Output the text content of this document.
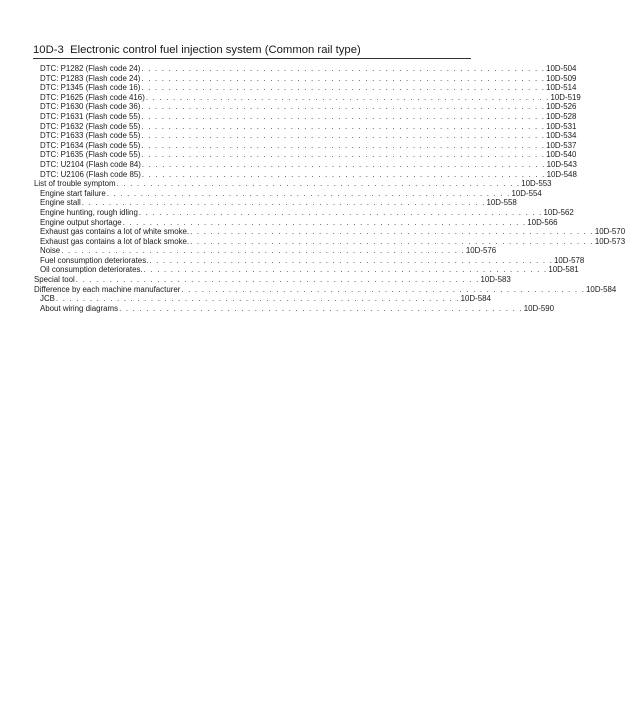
10D-3 Electronic control fuel injection system (Common rail type)
DTC: P1282 (Flash code 24) . . . . . . . . . . . . . . . . . . . . . . . . . . . . . . . . . . . . . . . . . . . . . . . . . . . . . . . . . . . . 10D-504
DTC: P1283 (Flash code 24) . . . . . . . . . . . . . . . . . . . . . . . . . . . . . . . . . . . . . . . . . . . . . . . . . . . . . . . . . . . . 10D-509
DTC: P1345 (Flash code 16) . . . . . . . . . . . . . . . . . . . . . . . . . . . . . . . . . . . . . . . . . . . . . . . . . . . . . . . . . . . . 10D-514
DTC: P1625 (Flash code 416) . . . . . . . . . . . . . . . . . . . . . . . . . . . . . . . . . . . . . . . . . . . . . . . . . . . . . . . . . . . . 10D-519
DTC: P1630 (Flash code 36) . . . . . . . . . . . . . . . . . . . . . . . . . . . . . . . . . . . . . . . . . . . . . . . . . . . . . . . . . . . . 10D-526
DTC: P1631 (Flash code 55) . . . . . . . . . . . . . . . . . . . . . . . . . . . . . . . . . . . . . . . . . . . . . . . . . . . . . . . . . . . . 10D-528
DTC: P1632 (Flash code 55) . . . . . . . . . . . . . . . . . . . . . . . . . . . . . . . . . . . . . . . . . . . . . . . . . . . . . . . . . . . . 10D-531
DTC: P1633 (Flash code 55) . . . . . . . . . . . . . . . . . . . . . . . . . . . . . . . . . . . . . . . . . . . . . . . . . . . . . . . . . . . . 10D-534
DTC: P1634 (Flash code 55) . . . . . . . . . . . . . . . . . . . . . . . . . . . . . . . . . . . . . . . . . . . . . . . . . . . . . . . . . . . . 10D-537
DTC: P1635 (Flash code 55) . . . . . . . . . . . . . . . . . . . . . . . . . . . . . . . . . . . . . . . . . . . . . . . . . . . . . . . . . . . . 10D-540
DTC: U2104 (Flash code 84) . . . . . . . . . . . . . . . . . . . . . . . . . . . . . . . . . . . . . . . . . . . . . . . . . . . . . . . . . . . . 10D-543
DTC: U2106 (Flash code 85) . . . . . . . . . . . . . . . . . . . . . . . . . . . . . . . . . . . . . . . . . . . . . . . . . . . . . . . . . . . . 10D-548
List of trouble symptom . . . . . . . . . . . . . . . . . . . . . . . . . . . . . . . . . . . . . . . . . . . . . . . . . . . . . . . . . . . . 10D-553
Engine start failure . . . . . . . . . . . . . . . . . . . . . . . . . . . . . . . . . . . . . . . . . . . . . . . . . . . . . . . . . . . . 10D-554
Engine stall . . . . . . . . . . . . . . . . . . . . . . . . . . . . . . . . . . . . . . . . . . . . . . . . . . . . . . . . . . . . 10D-558
Engine hunting, rough idling . . . . . . . . . . . . . . . . . . . . . . . . . . . . . . . . . . . . . . . . . . . . . . . . . . . . . . . . . . . . 10D-562
Engine output shortage . . . . . . . . . . . . . . . . . . . . . . . . . . . . . . . . . . . . . . . . . . . . . . . . . . . . . . . . . . . . 10D-566
Exhaust gas contains a lot of white smoke. . . . . . . . . . . . . . . . . . . . . . . . . . . . . . . . . . . . . . . . . . . . . . . . . . . . . . . . . . . . . 10D-570
Exhaust gas contains a lot of black smoke. . . . . . . . . . . . . . . . . . . . . . . . . . . . . . . . . . . . . . . . . . . . . . . . . . . . . . . . . . . . . 10D-573
Noise . . . . . . . . . . . . . . . . . . . . . . . . . . . . . . . . . . . . . . . . . . . . . . . . . . . . . . . . . . . . 10D-576
Fuel consumption deteriorates. . . . . . . . . . . . . . . . . . . . . . . . . . . . . . . . . . . . . . . . . . . . . . . . . . . . . . . . . . . . . 10D-578
Oil consumption deteriorates. . . . . . . . . . . . . . . . . . . . . . . . . . . . . . . . . . . . . . . . . . . . . . . . . . . . . . . . . . . . . 10D-581
Special tool . . . . . . . . . . . . . . . . . . . . . . . . . . . . . . . . . . . . . . . . . . . . . . . . . . . . . . . . . . . . 10D-583
Difference by each machine manufacturer . . . . . . . . . . . . . . . . . . . . . . . . . . . . . . . . . . . . . . . . . . . . . . . . . . . . . . . . . . . . 10D-584
JCB . . . . . . . . . . . . . . . . . . . . . . . . . . . . . . . . . . . . . . . . . . . . . . . . . . . . . . . . . . . . 10D-584
About wiring diagrams . . . . . . . . . . . . . . . . . . . . . . . . . . . . . . . . . . . . . . . . . . . . . . . . . . . . . . . . . . . . 10D-590
